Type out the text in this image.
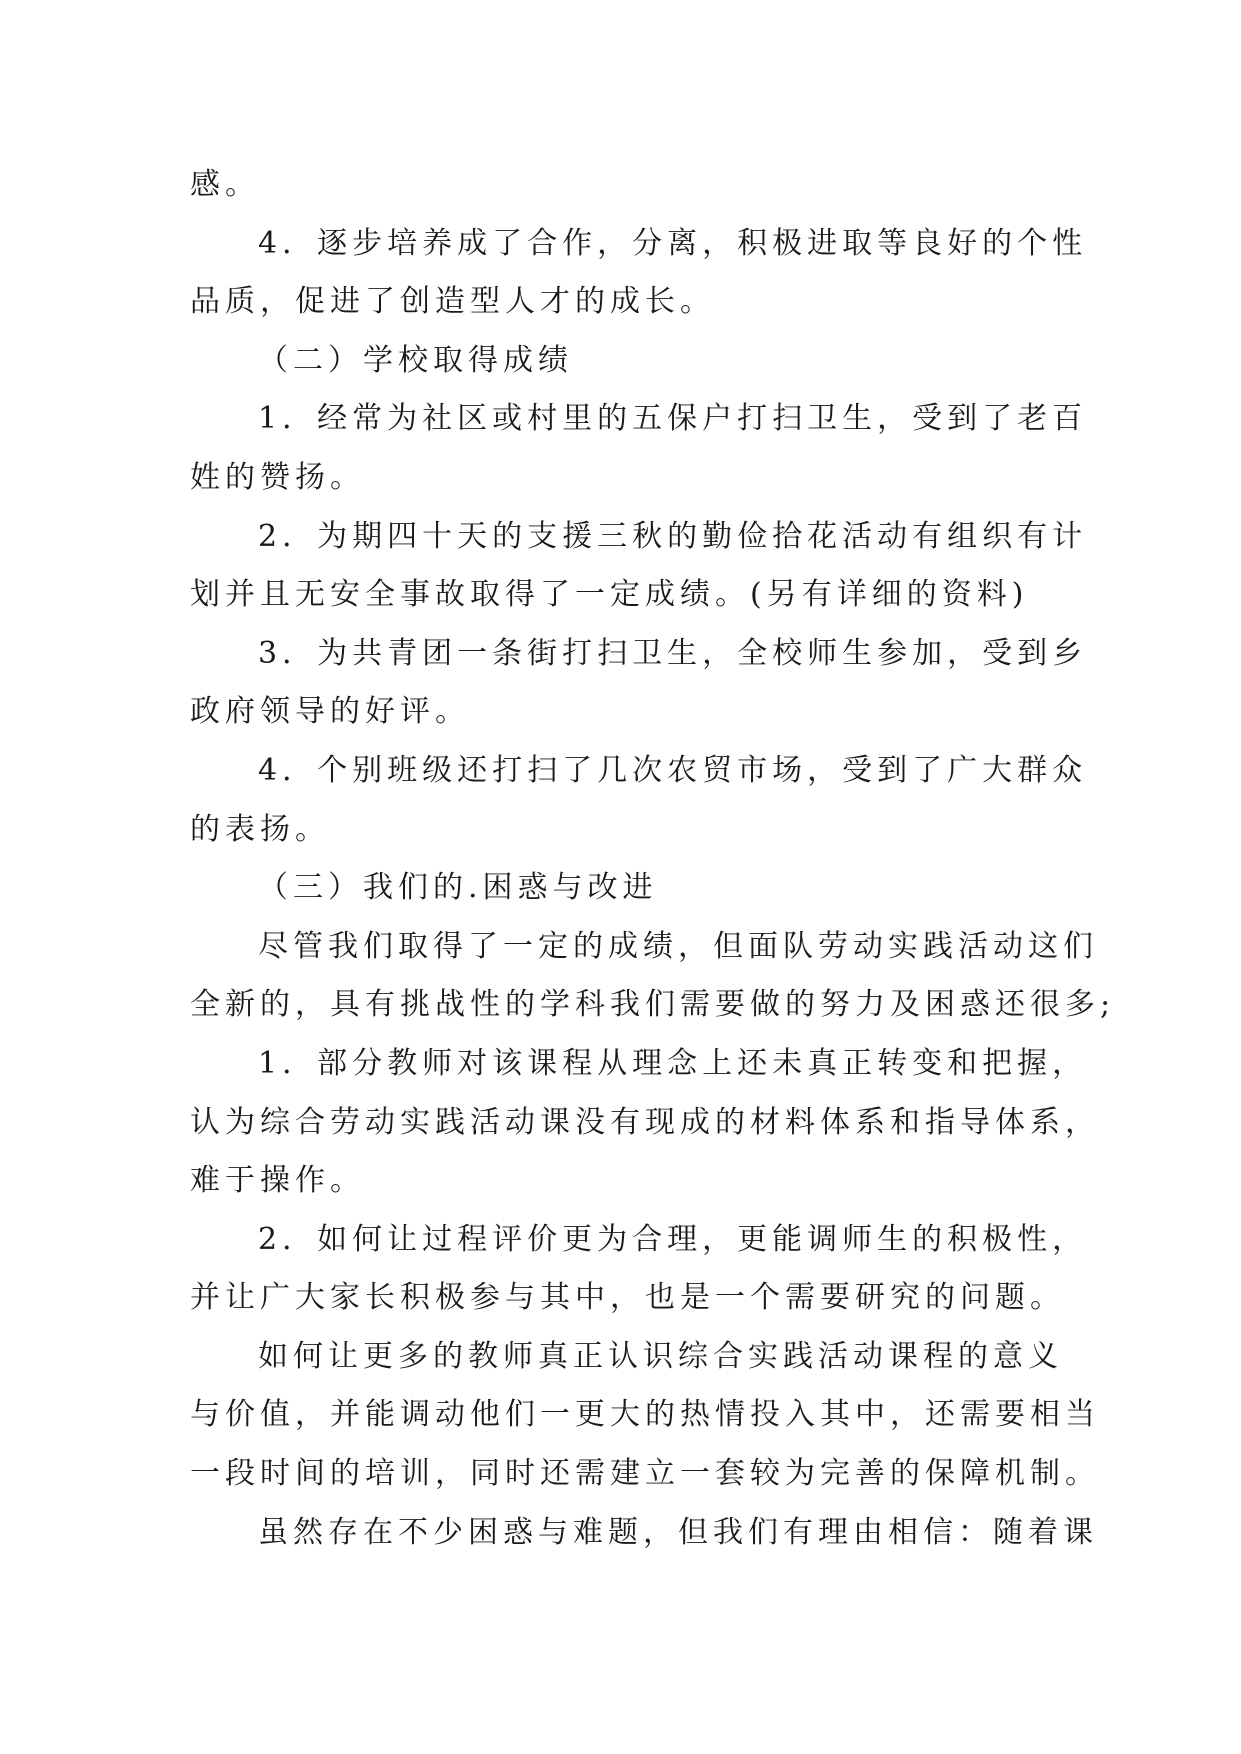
感。
4．逐步培养成了合作，分离，积极进取等良好的个性
品质，促进了创造型人才的成长。
（二）学校取得成绩
1．经常为社区或村里的五保户打扫卫生，受到了老百
姓的赞扬。
2．为期四十天的支援三秋的勤俭拾花活动有组织有计
划并且无安全事故取得了一定成绩。(另有详细的资料)
3．为共青团一条街打扫卫生，全校师生参加，受到乡
政府领导的好评。
4．个别班级还打扫了几次农贸市场，受到了广大群众
的表扬。
（三）我们的.困惑与改进
尽管我们取得了一定的成绩，但面队劳动实践活动这们
全新的，具有挑战性的学科我们需要做的努力及困惑还很多;
1．部分教师对该课程从理念上还未真正转变和把握，
认为综合劳动实践活动课没有现成的材料体系和指导体系，
难于操作。
2．如何让过程评价更为合理，更能调师生的积极性，
并让广大家长积极参与其中，也是一个需要研究的问题。
如何让更多的教师真正认识综合实践活动课程的意义
与价值，并能调动他们一更大的热情投入其中，还需要相当
一段时间的培训，同时还需建立一套较为完善的保障机制。
虽然存在不少困惑与难题，但我们有理由相信：随着课
